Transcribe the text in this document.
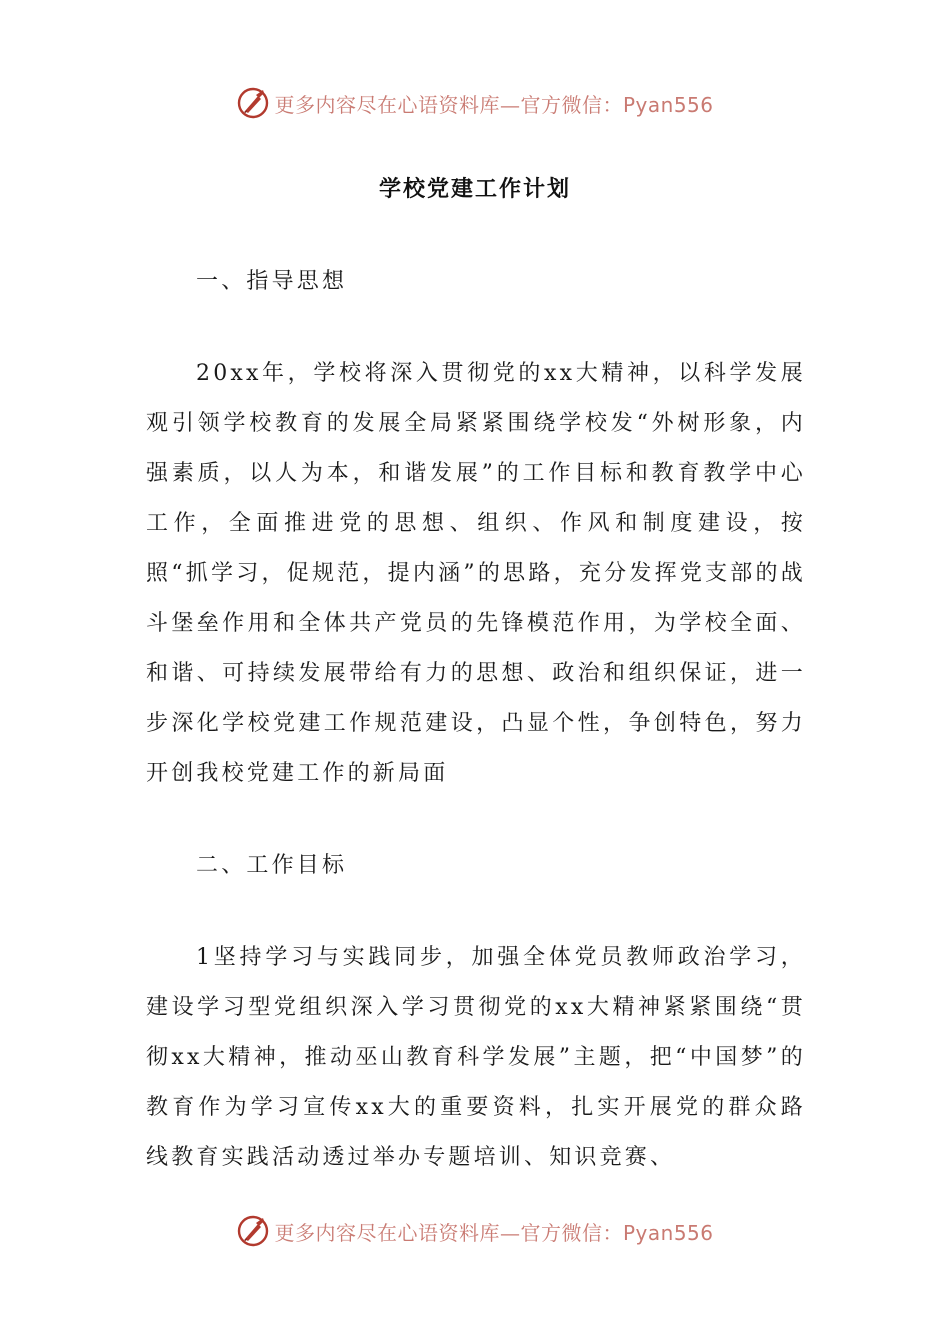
更多内容尽在心语资料库—官方微信：Pyan556
学校党建工作计划

一、指导思想

20xx年，学校将深入贯彻党的xx大精神，以科学发展观引领学校教育的发展全局紧紧围绕学校发“外树形象，内强素质，以人为本，和谐发展”的工作目标和教育教学中心工作，全面推进党的思想、组织、作风和制度建设，按照“抓学习，促规范，提内涵”的思路，充分发挥党支部的战斗堡垒作用和全体共产党员的先锋模范作用，为学校全面、和谐、可持续发展带给有力的思想、政治和组织保证，进一步深化学校党建工作规范建设，凸显个性，争创特色，努力开创我校党建工作的新局面

二、工作目标

1坚持学习与实践同步，加强全体党员教师政治学习，建设学习型党组织深入学习贯彻党的xx大精神紧紧围绕“贯彻xx大精神，推动巫山教育科学发展”主题，把“中国梦”的教育作为学习宣传xx大的重要资料，扎实开展党的群众路线教育实践活动透过举办专题培训、知识竞赛、

更多内容尽在心语资料库—官方微信：Pyan556
